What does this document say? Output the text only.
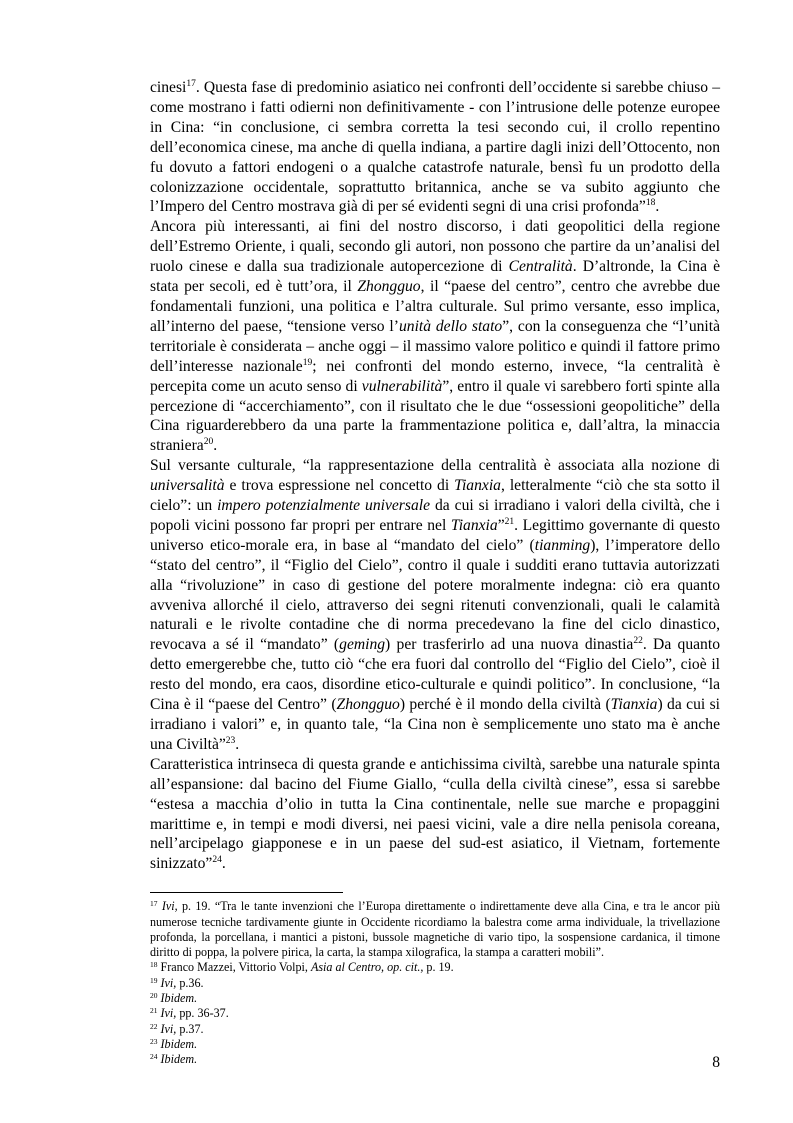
cinesi$^{17}$. Questa fase di predominio asiatico nei confronti dell’occidente si sarebbe chiuso – come mostrano i fatti odierni non definitivamente - con l’intrusione delle potenze europee in Cina: “in conclusione, ci sembra corretta la tesi secondo cui, il crollo repentino dell’economica cinese, ma anche di quella indiana, a partire dagli inizi dell’Ottocento, non fu dovuto a fattori endogeni o a qualche catastrofe naturale, bensì fu un prodotto della colonizzazione occidentale, soprattutto britannica, anche se va subito aggiunto che l’Impero del Centro mostrava già di per sé evidenti segni di una crisi profonda”$^{18}$.

Ancora più interessanti, ai fini del nostro discorso, i dati geopolitici della regione dell’Estremo Oriente, i quali, secondo gli autori, non possono che partire da un’analisi del ruolo cinese e dalla sua tradizionale autopercezione di Centralità. D’altronde, la Cina è stata per secoli, ed è tutt’ora, il Zhongguo, il “paese del centro”, centro che avrebbe due fondamentali funzioni, una politica e l’altra culturale. Sul primo versante, esso implica, all’interno del paese, “tensione verso l’unità dello stato”, con la conseguenza che “l’unità territoriale è considerata – anche oggi – il massimo valore politico e quindi il fattore primo dell’interesse nazionale$^{19}$; nei confronti del mondo esterno, invece, “la centralità è percepita come un acuto senso di vulnerabilità”, entro il quale vi sarebbero forti spinte alla percezione di “accerchiamento”, con il risultato che le due “ossessioni geopolitiche” della Cina riguarderebbero da una parte la frammentazione politica e, dall’altra, la minaccia straniera$^{20}$.

Sul versante culturale, “la rappresentazione della centralità è associata alla nozione di universalità e trova espressione nel concetto di Tianxia, letteralmente “ciò che sta sotto il cielo”: un impero potenzialmente universale da cui si irradiano i valori della civiltà, che i popoli vicini possono far propri per entrare nel Tianxia”$^{21}$. Legittimo governante di questo universo etico-morale era, in base al “mandato del cielo” (tianming), l’imperatore dello “stato del centro”, il “Figlio del Cielo”, contro il quale i sudditi erano tuttavia autorizzati alla “rivoluzione” in caso di gestione del potere moralmente indegna: ciò era quanto avveniva allorché il cielo, attraverso dei segni ritenuti convenzionali, quali le calamità naturali e le rivolte contadine che di norma precedevano la fine del ciclo dinastico, revocava a sé il “mandato” (geming) per trasferirlo ad una nuova dinastia$^{22}$. Da quanto detto emergerebbe che, tutto ciò “che era fuori dal controllo del “Figlio del Cielo”, cioè il resto del mondo, era caos, disordine etico-culturale e quindi politico”. In conclusione, “la Cina è il “paese del Centro” (Zhongguo) perché è il mondo della civiltà (Tianxia) da cui si irradiano i valori” e, in quanto tale, “la Cina non è semplicemente uno stato ma è anche una Civiltà”$^{23}$.

Caratteristica intrinseca di questa grande e antichissima civiltà, sarebbe una naturale spinta all’espansione: dal bacino del Fiume Giallo, “culla della civiltà cinese”, essa si sarebbe “estesa a macchia d’olio in tutta la Cina continentale, nelle sue marche e propaggini marittime e, in tempi e modi diversi, nei paesi vicini, vale a dire nella penisola coreana, nell’arcipelago giapponese e in un paese del sud-est asiatico, il Vietnam, fortemente sinizzato”$^{24}$.

$^{17}$ Ivi, p. 19. “Tra le tante invenzioni che l’Europa direttamente o indirettamente deve alla Cina, e tra le ancor più numerose tecniche tardivamente giunte in Occidente ricordiamo la balestra come arma individuale, la trivellazione profonda, la porcellana, i mantici a pistoni, bussole magnetiche di vario tipo, la sospensione cardanica, il timone diritto di poppa, la polvere pirica, la carta, la stampa xilografica, la stampa a caratteri mobili”.

$^{18}$ Franco Mazzei, Vittorio Volpi, Asia al Centro, op. cit., p. 19.

$^{19}$ Ivi, p.36.

$^{20}$ Ibidem.

$^{21}$ Ivi, pp. 36-37.

$^{22}$ Ivi, p.37.

$^{23}$ Ibidem.

$^{24}$ Ibidem.	8
